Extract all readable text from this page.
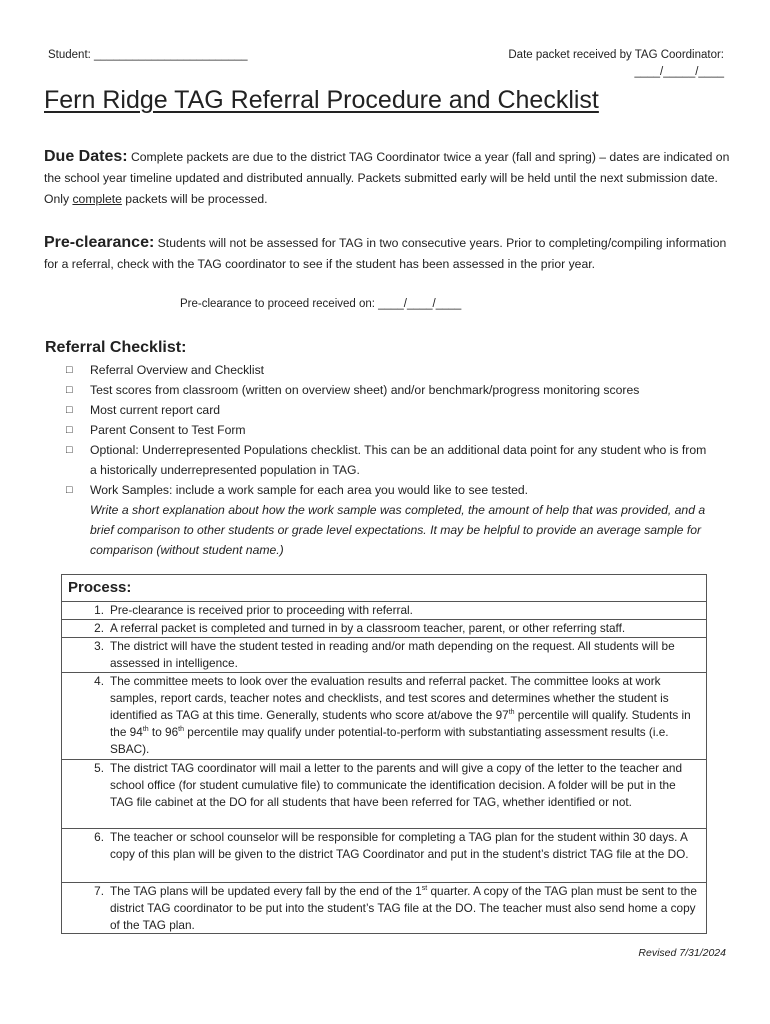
Student: ________________________	Date packet received by TAG Coordinator:
____/_____/____
Fern Ridge TAG Referral Procedure and Checklist
Due Dates: Complete packets are due to the district TAG Coordinator twice a year (fall and spring) – dates are indicated on the school year timeline updated and distributed annually. Packets submitted early will be held until the next submission date. Only complete packets will be processed.
Pre-clearance: Students will not be assessed for TAG in two consecutive years. Prior to completing/compiling information for a referral, check with the TAG coordinator to see if the student has been assessed in the prior year.
Pre-clearance to proceed received on: ____/____/____
Referral Checklist:
□ Referral Overview and Checklist
□ Test scores from classroom (written on overview sheet) and/or benchmark/progress monitoring scores
□ Most current report card
□ Parent Consent to Test Form
□ Optional: Underrepresented Populations checklist. This can be an additional data point for any student who is from a historically underrepresented population in TAG.
□ Work Samples: include a work sample for each area you would like to see tested.
Write a short explanation about how the work sample was completed, the amount of help that was provided, and a brief comparison to other students or grade level expectations. It may be helpful to provide an average sample for comparison (without student name.)
Process:
1. Pre-clearance is received prior to proceeding with referral.
2. A referral packet is completed and turned in by a classroom teacher, parent, or other referring staff.
3. The district will have the student tested in reading and/or math depending on the request. All students will be assessed in intelligence.
4. The committee meets to look over the evaluation results and referral packet. The committee looks at work samples, report cards, teacher notes and checklists, and test scores and determines whether the student is identified as TAG at this time. Generally, students who score at/above the 97th percentile will qualify. Students in the 94th to 96th percentile may qualify under potential-to-perform with substantiating assessment results (i.e. SBAC).
5. The district TAG coordinator will mail a letter to the parents and will give a copy of the letter to the teacher and school office (for student cumulative file) to communicate the identification decision. A folder will be put in the TAG file cabinet at the DO for all students that have been referred for TAG, whether identified or not.
6. The teacher or school counselor will be responsible for completing a TAG plan for the student within 30 days. A copy of this plan will be given to the district TAG Coordinator and put in the student’s district TAG file at the DO.
7. The TAG plans will be updated every fall by the end of the 1st quarter. A copy of the TAG plan must be sent to the district TAG coordinator to be put into the student’s TAG file at the DO. The teacher must also send home a copy of the TAG plan.
Revised 7/31/2024
